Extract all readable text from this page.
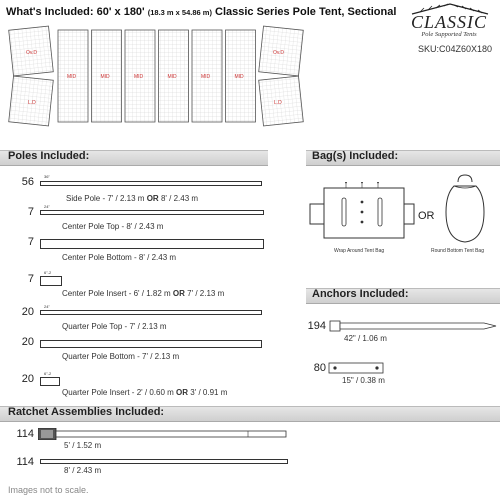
What's Included: 60' x 180' (18.3 m x 54.86 m) Classic Series Pole Tent, Sectional CLASSIC
Pole Supported Tents
SKU:C04Z60X180
Ov.D
L.D
MID	MID	MID	MID	MID	MID
Ov.D
L.D
Poles Included:
56	36"
Side Pole - 7' / 2.13 m OR 8' / 2.43 m
7	24"
Center Pole Top - 8' / 2.43 m
7
Center Pole Bottom - 8' / 2.43 m
7
6"-2
Center Pole Insert - 6' / 1.82 m OR 7' / 2.13 m
20	24"
Quarter Pole Top - 7' / 2.13 m
20
Quarter Pole Bottom - 7' / 2.13 m
20	6"-2
Quarter Pole Insert - 2' / 0.60 m OR 3' / 0.91 m
Bag(s) Included:
Wrap Around Tent Bag
OR
Round Bottom Tent Bag
Anchors Included:
194
42" / 1.06 m
80
15" / 0.38 m
Ratchet Assemblies Included:
114
5' / 1.52 m
114
8' / 2.43 m
Images not to scale.
